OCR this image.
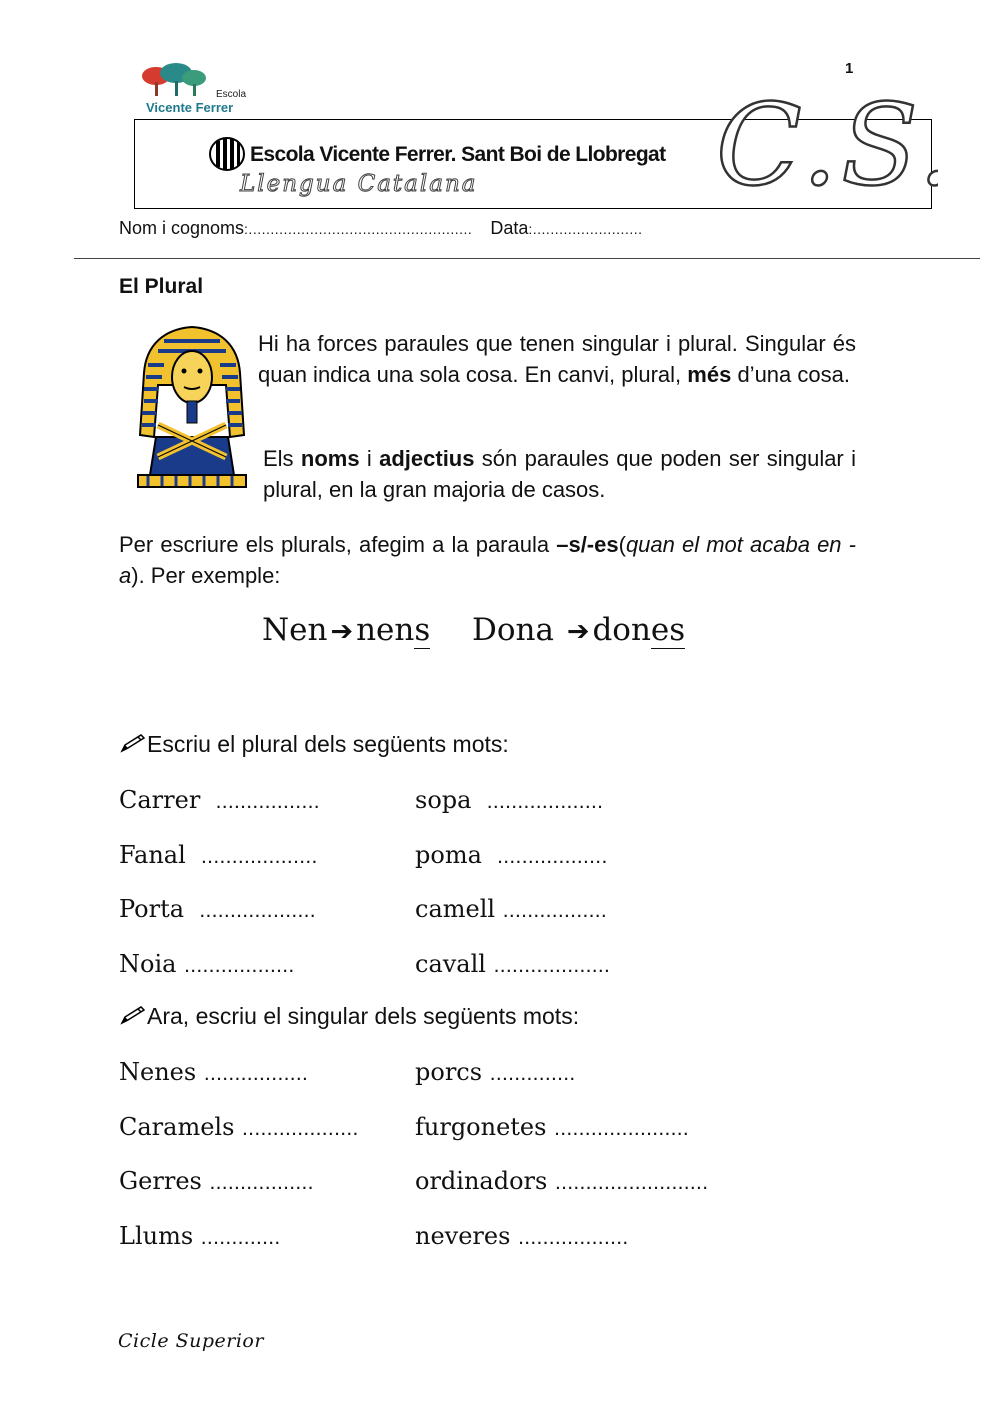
1
Escola
Vicente Ferrer
Escola Vicente Ferrer. Sant Boi de Llobregat
Llengua Catalana C.S.
Nom i cognoms:................................................... Data:.........................
El Plural
Hi ha forces paraules que tenen singular i plural. Singular és quan indica una sola cosa. En canvi, plural, més d’una cosa.
Els noms i adjectius són paraules que poden ser singular i plural, en la gran majoria de casos.
Per escriure els plurals, afegim a la paraula –s/-es(quan el mot acaba en -a). Per exemple:
Nen ➔nens Dona ➔dones
Escriu el plural dels següents mots:
Carrer .................	sopa ...................
Fanal ...................	poma ..................
Porta ...................	camell .................
Noia ..................	cavall ...................
Ara, escriu el singular dels següents mots:
Nenes .................	porcs ..............
Caramels ................... furgonetes ......................
Gerres .................	ordinadors .........................
Llums .............	neveres ..................
Cicle Superior
